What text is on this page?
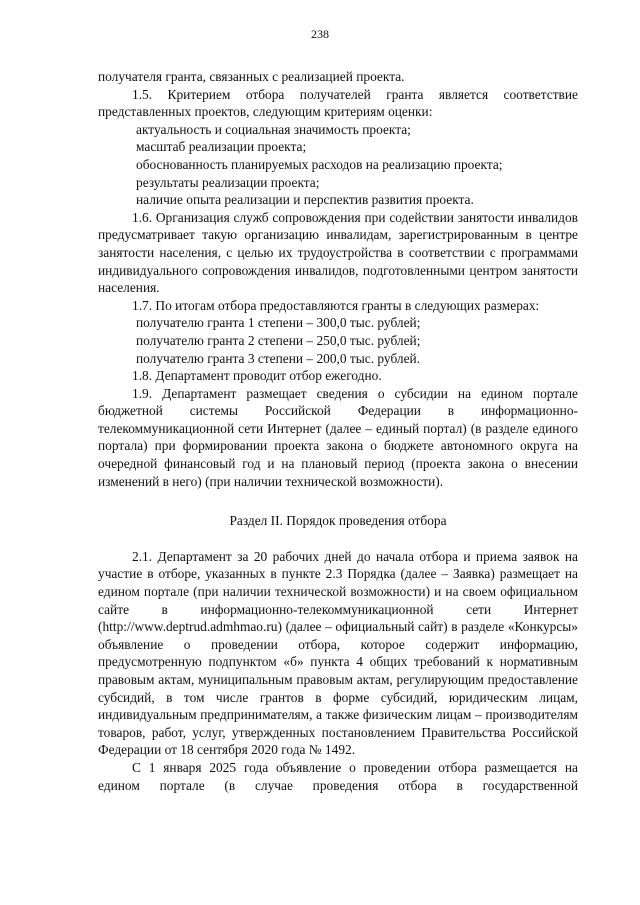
238

получателя гранта, связанных с реализацией проекта.

1.5. Критерием отбора получателей гранта является соответствие представленных проектов, следующим критериям оценки:

актуальность и социальная значимость проекта;
масштаб реализации проекта;
обоснованность планируемых расходов на реализацию проекта;
результаты реализации проекта;
наличие опыта реализации и перспектив развития проекта.

1.6. Организация служб сопровождения при содействии занятости инвалидов предусматривает такую организацию инвалидам, зарегистрированным в центре занятости населения, с целью их трудоустройства в соответствии с программами индивидуального сопровождения инвалидов, подготовленными центром занятости населения.

1.7. По итогам отбора предоставляются гранты в следующих размерах:

получателю гранта 1 степени – 300,0 тыс. рублей;
получателю гранта 2 степени – 250,0 тыс. рублей;
получателю гранта 3 степени – 200,0 тыс. рублей.

1.8. Департамент проводит отбор ежегодно.

1.9. Департамент размещает сведения о субсидии на едином портале бюджетной системы Российской Федерации в информационно-телекоммуникационной сети Интернет (далее – единый портал) (в разделе единого портала) при формировании проекта закона о бюджете автономного округа на очередной финансовый год и на плановый период (проекта закона о внесении изменений в него) (при наличии технической возможности).

Раздел II. Порядок проведения отбора

2.1. Департамент за 20 рабочих дней до начала отбора и приема заявок на участие в отборе, указанных в пункте 2.3 Порядка (далее – Заявка) размещает на едином портале (при наличии технической возможности) и на своем официальном сайте в информационно-телекоммуникационной сети Интернет (http://www.deptrud.admhmao.ru) (далее – официальный сайт) в разделе «Конкурсы» объявление о проведении отбора, которое содержит информацию, предусмотренную подпунктом «б» пункта 4 общих требований к нормативным правовым актам, муниципальным правовым актам, регулирующим предоставление субсидий, в том числе грантов в форме субсидий, юридическим лицам, индивидуальным предпринимателям, а также физическим лицам – производителям товаров, работ, услуг, утвержденных постановлением Правительства Российской Федерации от 18 сентября 2020 года № 1492.

С 1 января 2025 года объявление о проведении отбора размещается на едином портале (в случае проведения отбора в государственной
